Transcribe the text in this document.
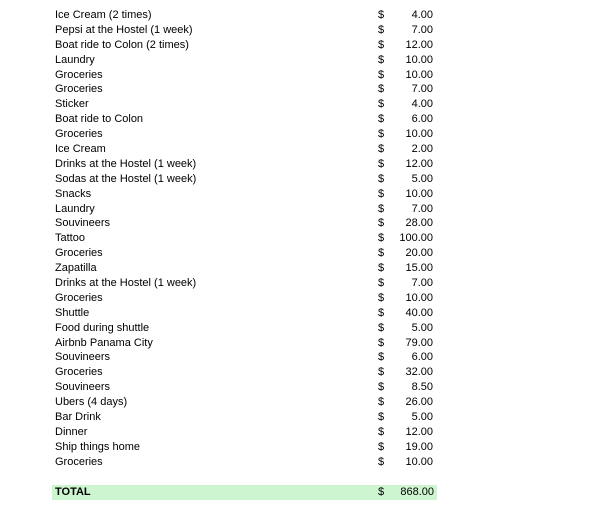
Ice Cream (2 times)	$ 4.00
Pepsi at the Hostel (1 week)	$ 7.00
Boat ride to Colon (2 times)	$ 12.00
Laundry	$ 10.00
Groceries	$ 10.00
Groceries	$ 7.00
Sticker	$ 4.00
Boat ride to Colon	$ 6.00
Groceries	$ 10.00
Ice Cream	$ 2.00
Drinks at the Hostel (1 week)	$ 12.00
Sodas at the Hostel (1 week)	$ 5.00
Snacks	$ 10.00
Laundry	$ 7.00
Souvineers	$ 28.00
Tattoo	$ 100.00
Groceries	$ 20.00
Zapatilla	$ 15.00
Drinks at the Hostel (1 week)	$ 7.00
Groceries	$ 10.00
Shuttle	$ 40.00
Food during shuttle	$ 5.00
Airbnb Panama City	$ 79.00
Souvineers	$ 6.00
Groceries	$ 32.00
Souvineers	$ 8.50
Ubers (4 days)	$ 26.00
Bar Drink	$ 5.00
Dinner	$ 12.00
Ship things home	$ 19.00
Groceries	$ 10.00
TOTAL	$ 868.00
